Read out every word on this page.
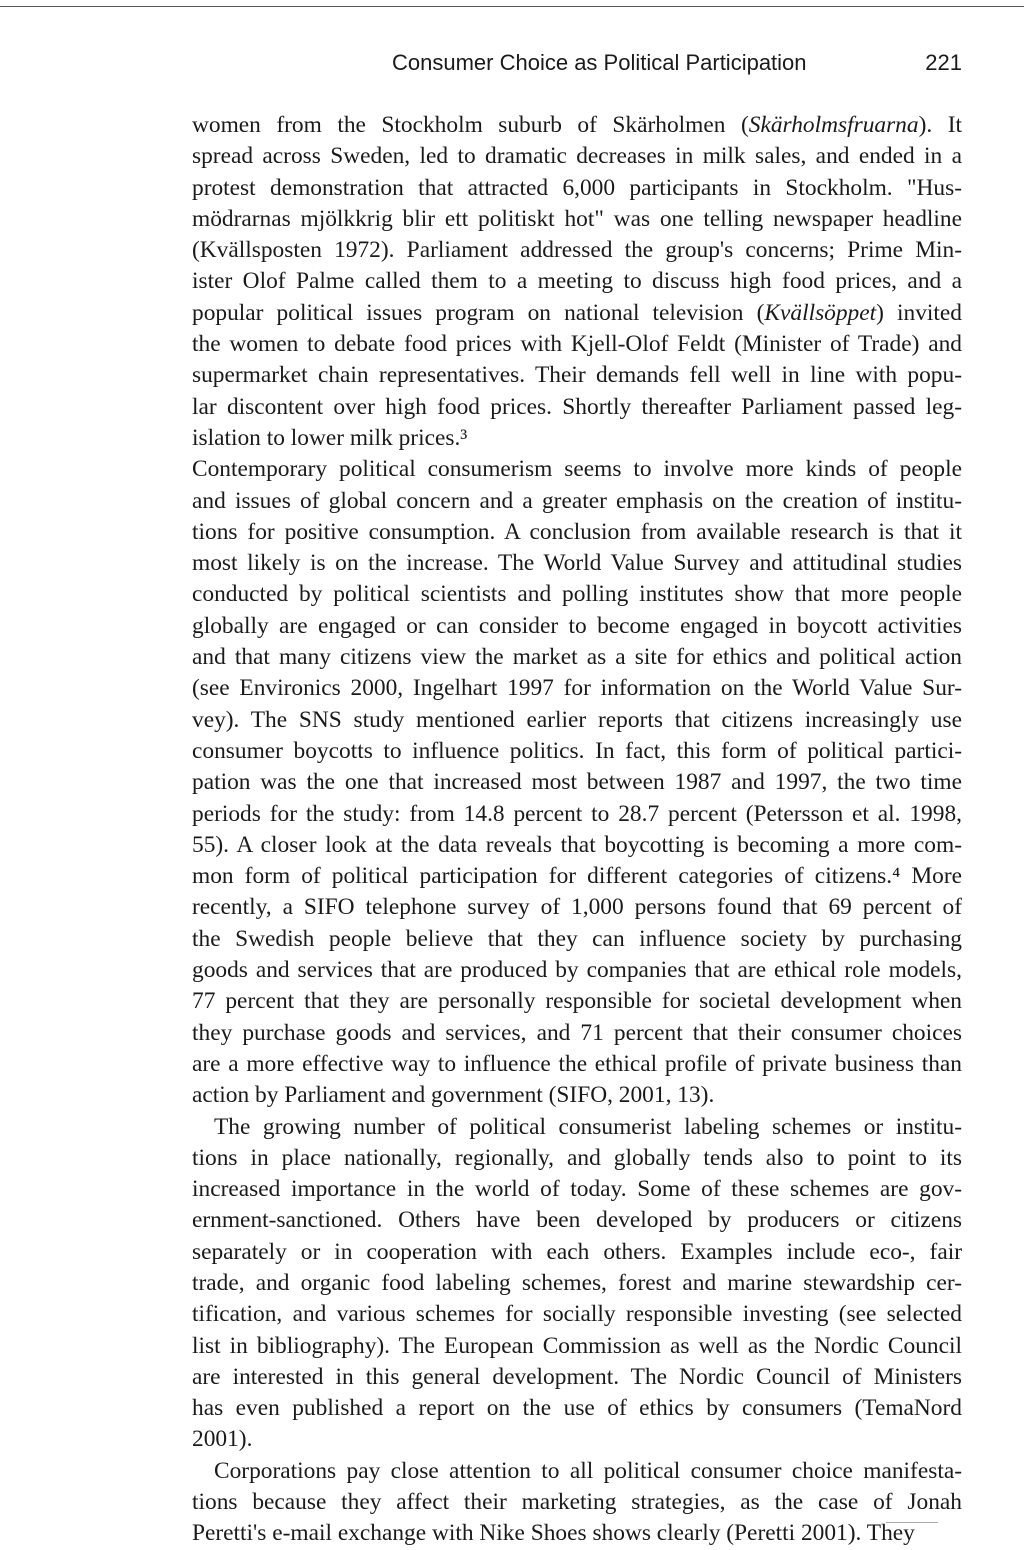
Consumer Choice as Political Participation	221
women from the Stockholm suburb of Skärholmen (Skärholmsfruarna). It
spread across Sweden, led to dramatic decreases in milk sales, and ended in a
protest demonstration that attracted 6,000 participants in Stockholm. "Hus-
mödrarnas mjölkkrig blir ett politiskt hot" was one telling newspaper headline
(Kvällsposten 1972). Parliament addressed the group's concerns; Prime Min-
ister Olof Palme called them to a meeting to discuss high food prices, and a
popular political issues program on national television (Kvällsöppet) invited
the women to debate food prices with Kjell-Olof Feldt (Minister of Trade) and
supermarket chain representatives. Their demands fell well in line with popu-
lar discontent over high food prices. Shortly thereafter Parliament passed leg-
islation to lower milk prices.³
Contemporary political consumerism seems to involve more kinds of people
and issues of global concern and a greater emphasis on the creation of institu-
tions for positive consumption. A conclusion from available research is that it
most likely is on the increase. The World Value Survey and attitudinal studies
conducted by political scientists and polling institutes show that more people
globally are engaged or can consider to become engaged in boycott activities
and that many citizens view the market as a site for ethics and political action
(see Environics 2000, Ingelhart 1997 for information on the World Value Sur-
vey). The SNS study mentioned earlier reports that citizens increasingly use
consumer boycotts to influence politics. In fact, this form of political partici-
pation was the one that increased most between 1987 and 1997, the two time
periods for the study: from 14.8 percent to 28.7 percent (Petersson et al. 1998,
55). A closer look at the data reveals that boycotting is becoming a more com-
mon form of political participation for different categories of citizens.⁴ More
recently, a SIFO telephone survey of 1,000 persons found that 69 percent of
the Swedish people believe that they can influence society by purchasing
goods and services that are produced by companies that are ethical role models,
77 percent that they are personally responsible for societal development when
they purchase goods and services, and 71 percent that their consumer choices
are a more effective way to influence the ethical profile of private business than
action by Parliament and government (SIFO, 2001, 13).
The growing number of political consumerist labeling schemes or institu-
tions in place nationally, regionally, and globally tends also to point to its
increased importance in the world of today. Some of these schemes are gov-
ernment-sanctioned. Others have been developed by producers or citizens
separately or in cooperation with each others. Examples include eco-, fair
trade, and organic food labeling schemes, forest and marine stewardship cer-
tification, and various schemes for socially responsible investing (see selected
list in bibliography). The European Commission as well as the Nordic Council
are interested in this general development. The Nordic Council of Ministers
has even published a report on the use of ethics by consumers (TemaNord
2001).
Corporations pay close attention to all political consumer choice manifesta-
tions because they affect their marketing strategies, as the case of Jonah
Peretti's e-mail exchange with Nike Shoes shows clearly (Peretti 2001). They
